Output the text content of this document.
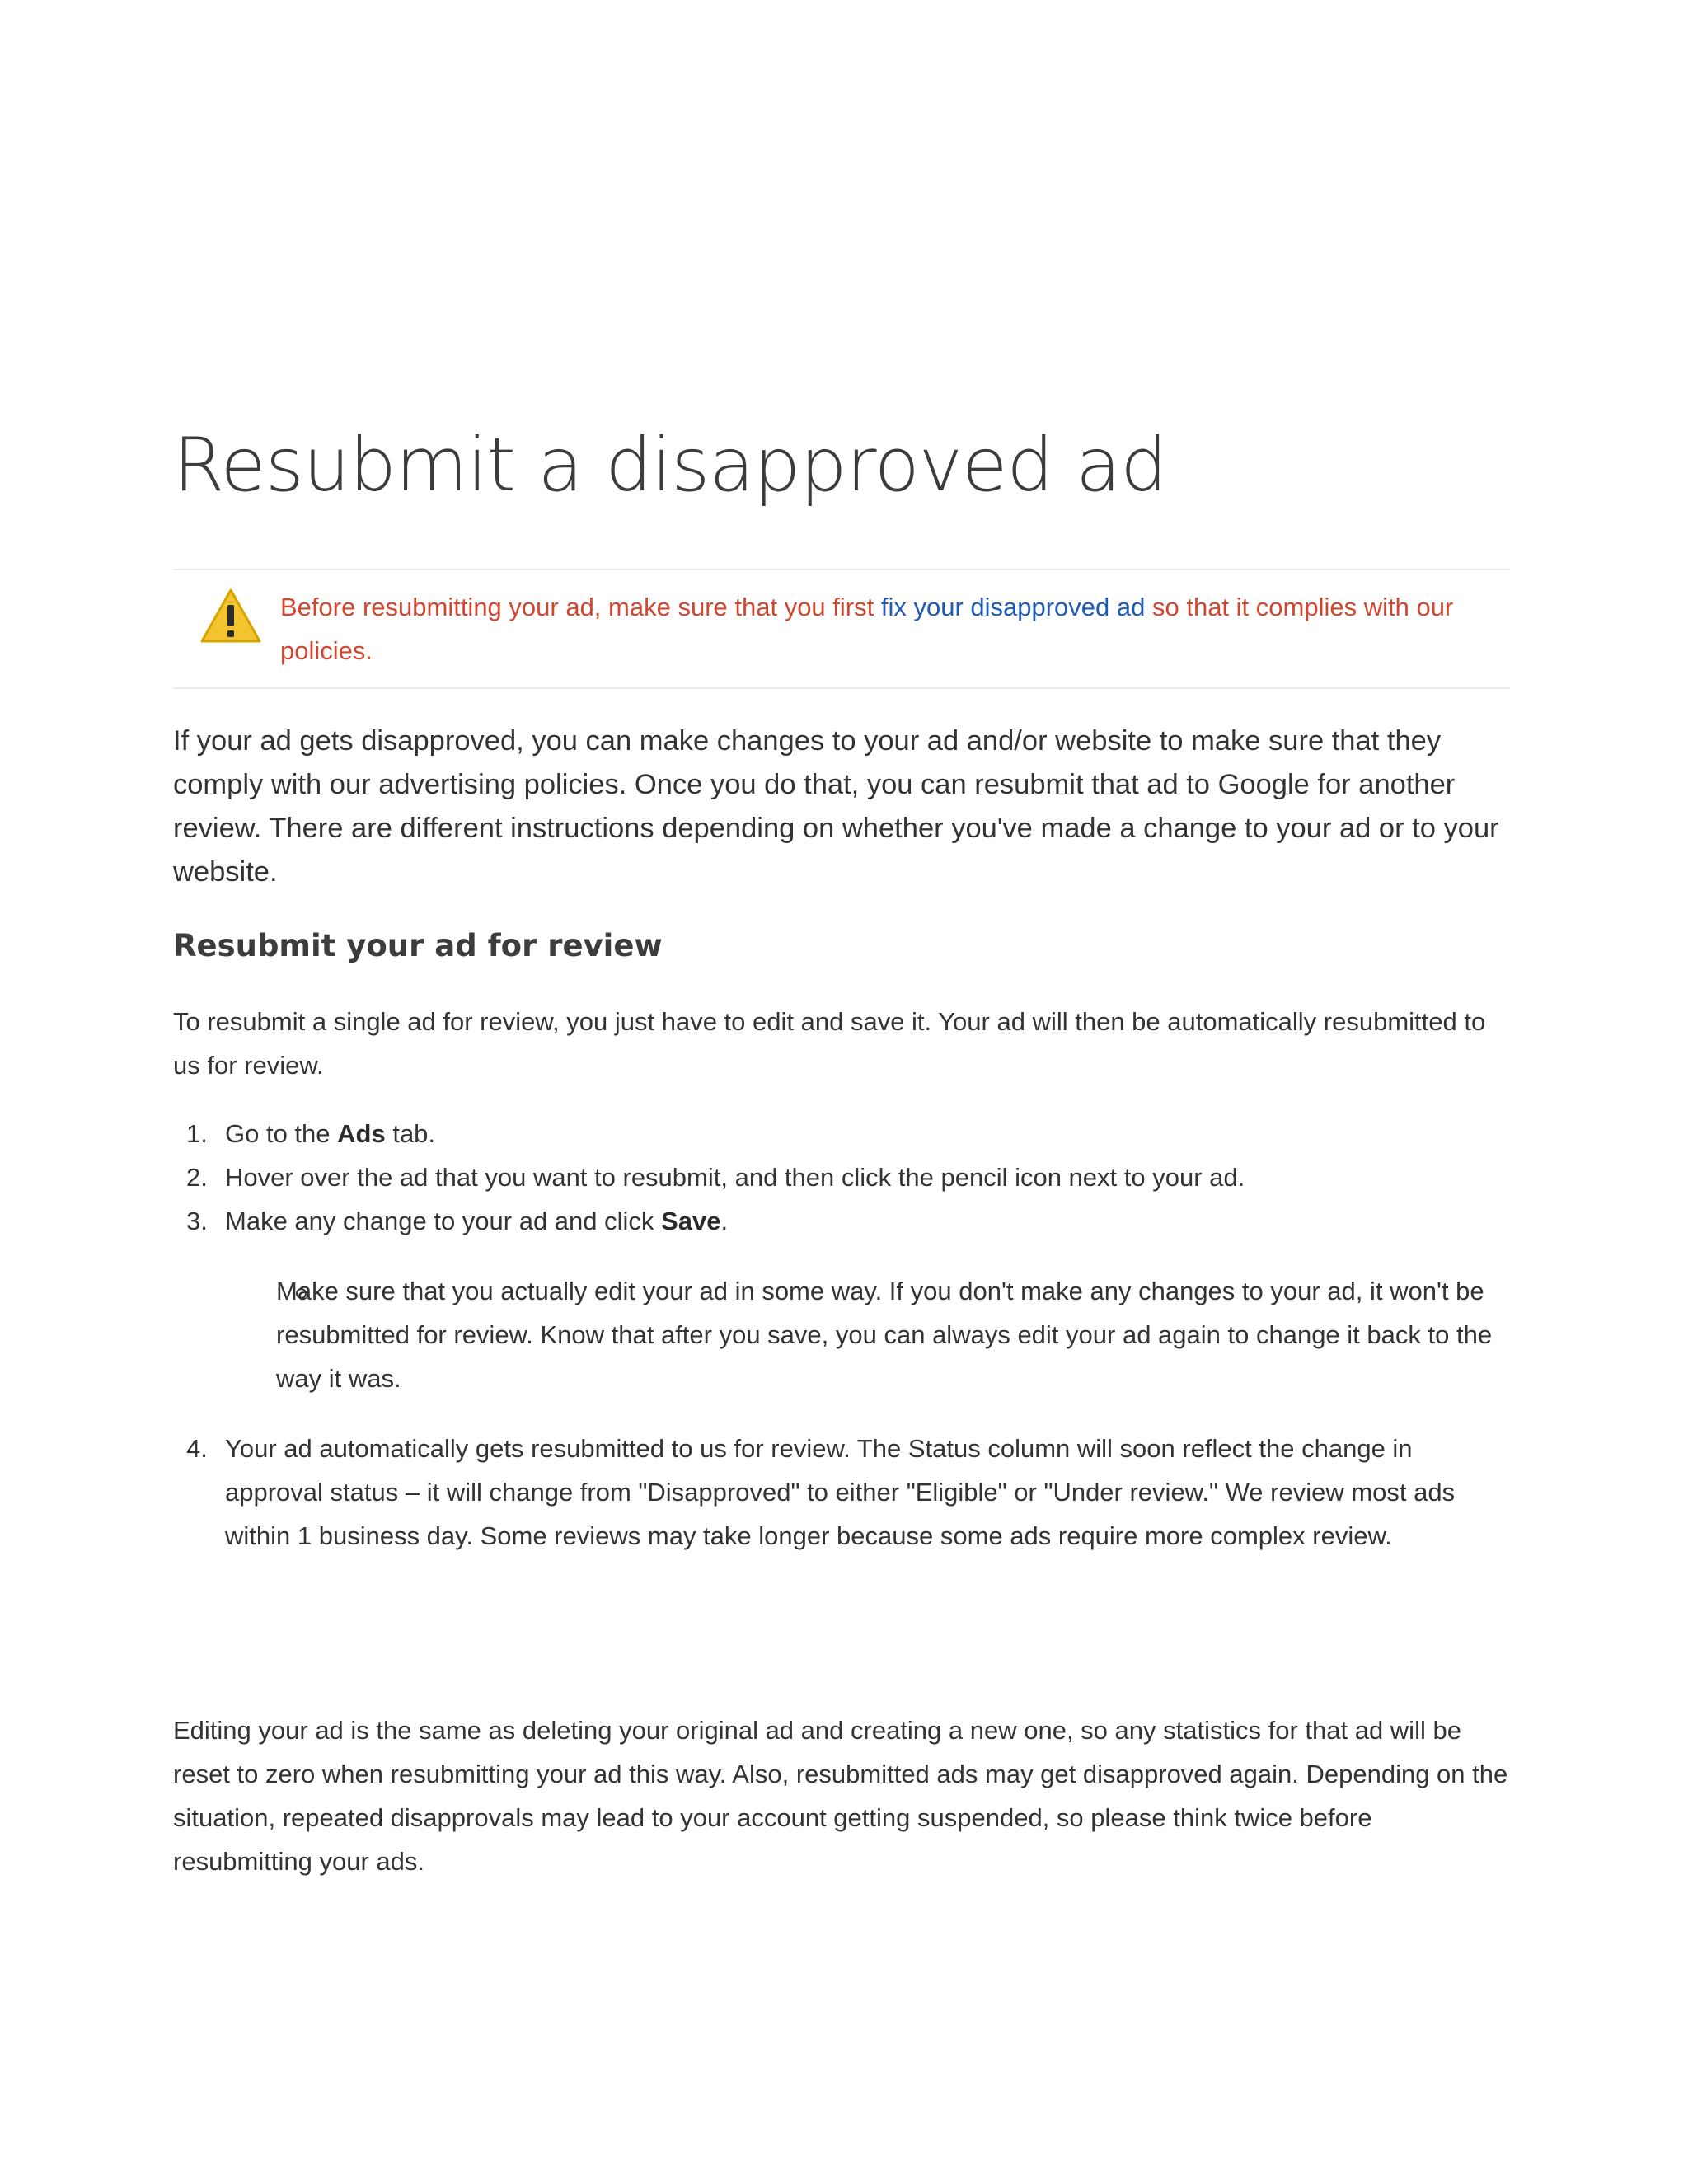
Resubmit a disapproved ad
Before resubmitting your ad, make sure that you first fix your disapproved ad so that it complies with our policies.

If your ad gets disapproved, you can make changes to your ad and/or website to make sure that they comply with our advertising policies. Once you do that, you can resubmit that ad to Google for another review. There are different instructions depending on whether you've made a change to your ad or to your website.

Resubmit your ad for review

To resubmit a single ad for review, you just have to edit and save it. Your ad will then be automatically resubmitted to us for review.

1. Go to the Ads tab.
2. Hover over the ad that you want to resubmit, and then click the pencil icon next to your ad.
3. Make any change to your ad and click Save.
Make sure that you actually edit your ad in some way. If you don't make any changes to your ad, it won't be resubmitted for review. Know that after you save, you can always edit your ad again to change it back to the way it was.
4. Your ad automatically gets resubmitted to us for review. The Status column will soon reflect the change in approval status – it will change from "Disapproved" to either "Eligible" or "Under review." We review most ads within 1 business day. Some reviews may take longer because some ads require more complex review.

Editing your ad is the same as deleting your original ad and creating a new one, so any statistics for that ad will be reset to zero when resubmitting your ad this way. Also, resubmitted ads may get disapproved again. Depending on the situation, repeated disapprovals may lead to your account getting suspended, so please think twice before resubmitting your ads.
